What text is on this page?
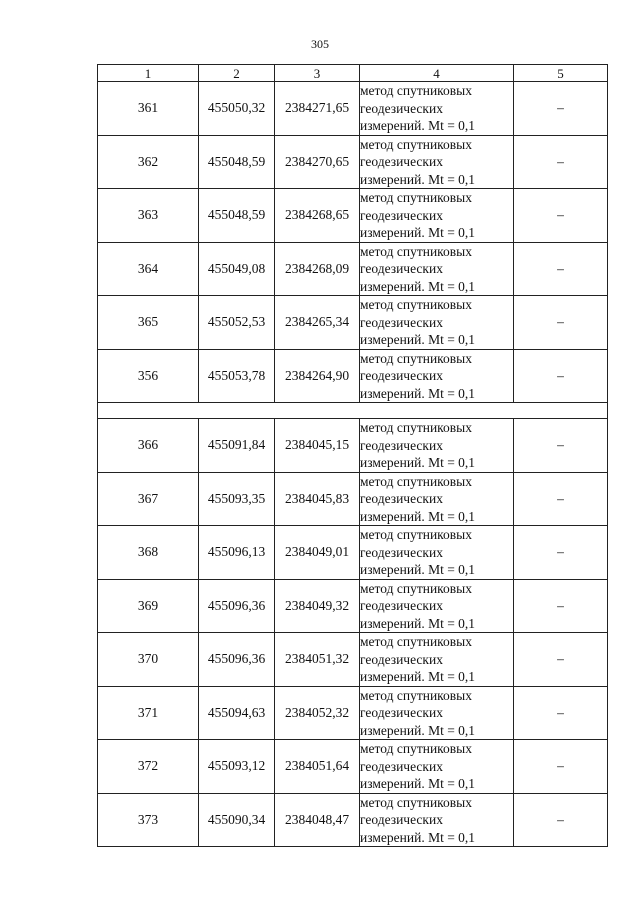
305
1	2	3	4	5
361	455050,32	2384271,65	метод спутниковых
геодезических
измерений. Mt = 0,1	–
362	455048,59	2384270,65	метод спутниковых
геодезических
измерений. Mt = 0,1	–
363	455048,59	2384268,65	метод спутниковых
геодезических
измерений. Mt = 0,1	–
364	455049,08	2384268,09	метод спутниковых
геодезических
измерений. Mt = 0,1	–
365	455052,53	2384265,34	метод спутниковых
геодезических
измерений. Mt = 0,1	–
356	455053,78	2384264,90	метод спутниковых
геодезических
измерений. Mt = 0,1	–

366	455091,84	2384045,15	метод спутниковых
геодезических
измерений. Mt = 0,1	–
367	455093,35	2384045,83	метод спутниковых
геодезических
измерений. Mt = 0,1	–
368	455096,13	2384049,01	метод спутниковых
геодезических
измерений. Mt = 0,1	–
369	455096,36	2384049,32	метод спутниковых
геодезических
измерений. Mt = 0,1	–
370	455096,36	2384051,32	метод спутниковых
геодезических
измерений. Mt = 0,1	–
371	455094,63	2384052,32	метод спутниковых
геодезических
измерений. Mt = 0,1	–
372	455093,12	2384051,64	метод спутниковых
геодезических
измерений. Mt = 0,1	–
373	455090,34	2384048,47	метод спутниковых
геодезических
измерений. Mt = 0,1	–
